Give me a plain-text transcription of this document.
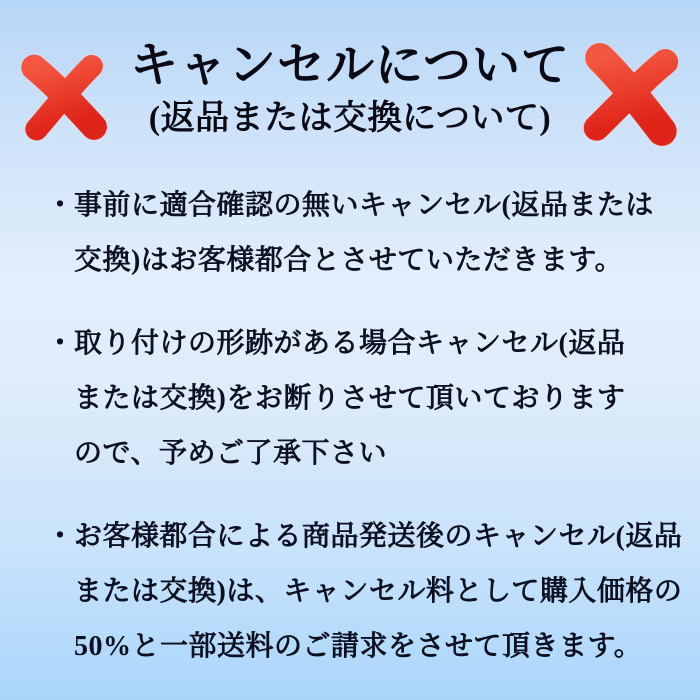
キャンセルについて
(返品または交換について)
・ 事前に適合確認の無いキャンセル(返品または
交換)はお客様都合とさせていただきます。
・ 取り付けの形跡がある場合キャンセル(返品
または交換)をお断りさせて頂いております
ので、予めご了承下さい
・ お客様都合による商品発送後のキャンセル(返品
または交換)は、キャンセル料として購入価格の
50%と一部送料のご請求をさせて頂きます。
